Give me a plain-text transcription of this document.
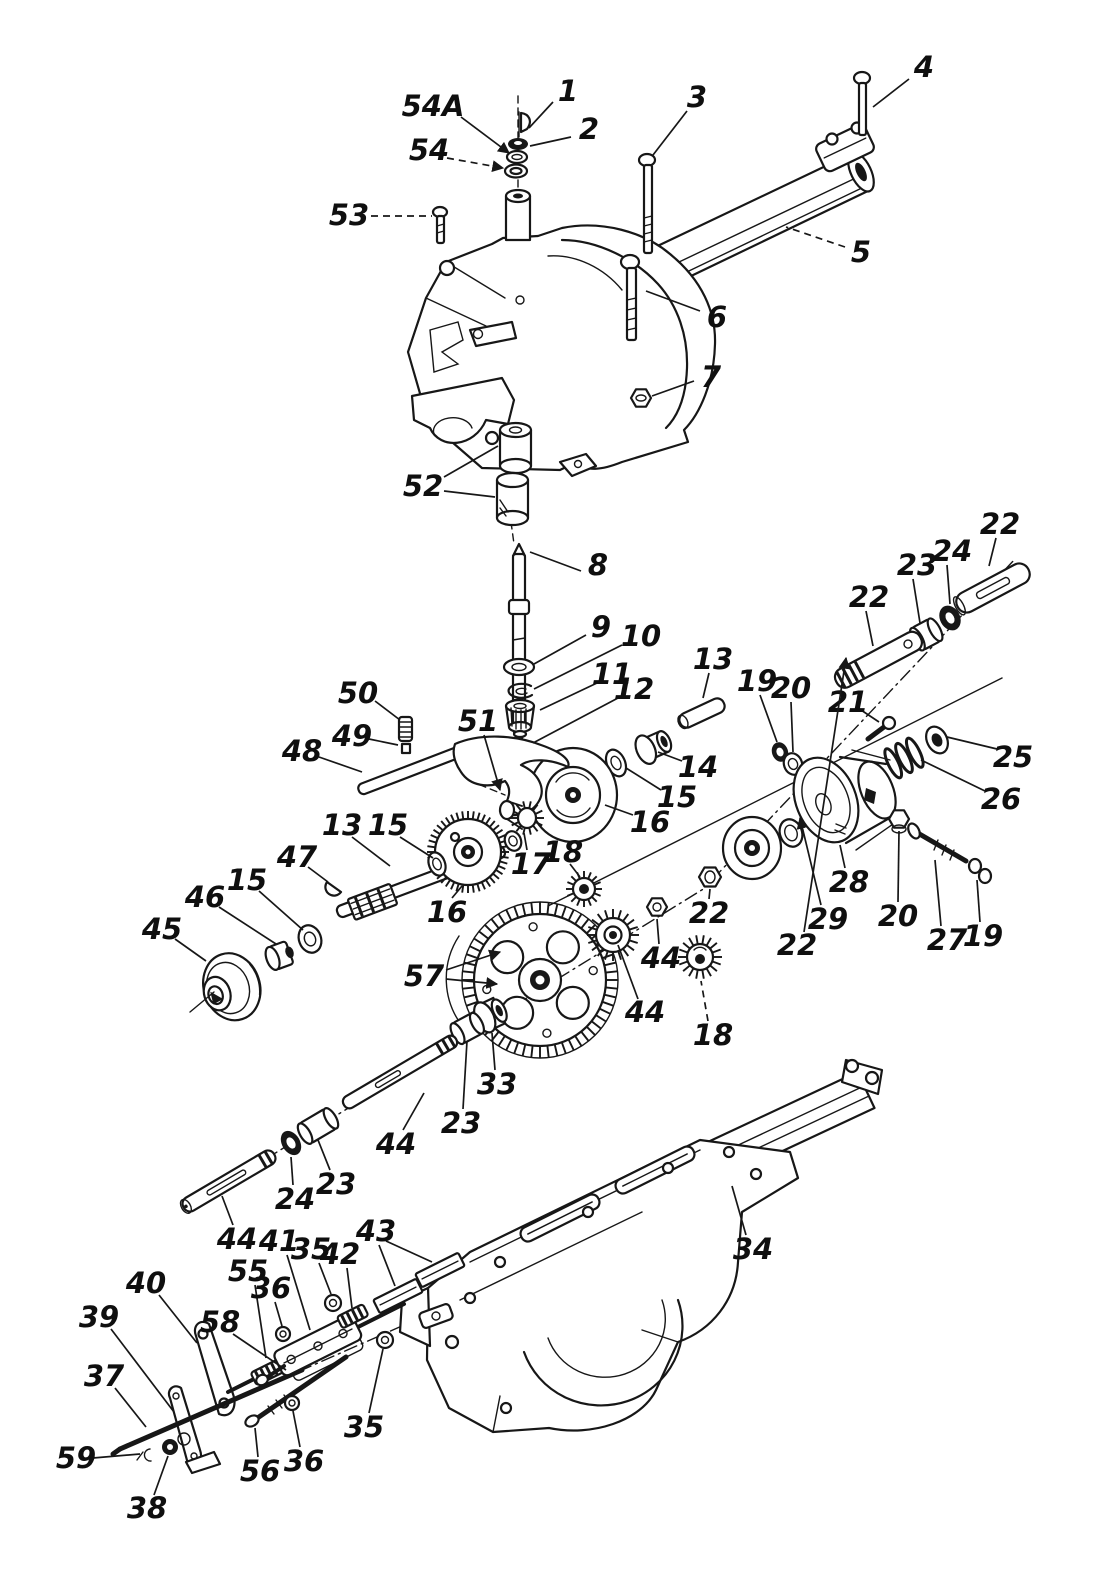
1
2
54A
54
3
4
53
5
6
7
52
8
9 10
11
12
13
19
20 21
22
24
23
22
25
26
14
15
16
51
50
49
48
13 15
47
46 15
45
17
18
16
57
28
29 20
27
19
22
22
44
44
18
33
23
44
24 23
44	34
40
39
37
59
38
58
55
36
41
35
42
43
35
36
56
